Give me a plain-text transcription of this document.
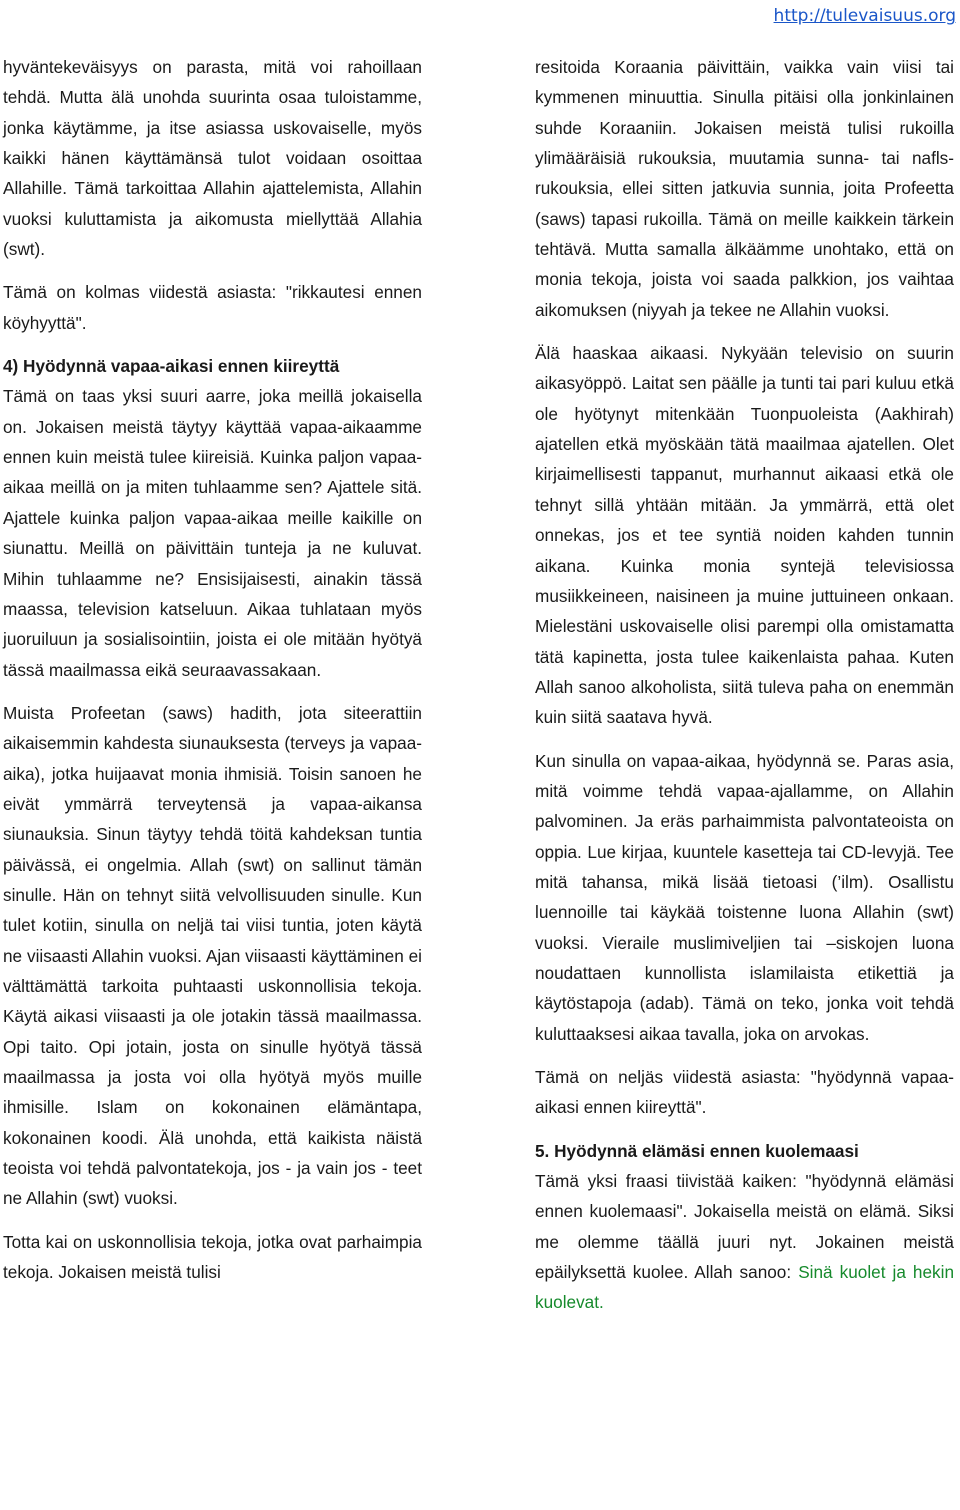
http://tulevaisuus.org

hyväntekeväisyys on parasta, mitä voi rahoillaan tehdä. Mutta älä unohda suurinta osaa tuloistamme, jonka käytämme, ja itse asiassa uskovaiselle, myös kaikki hänen käyttämänsä tulot voidaan osoittaa Allahille. Tämä tarkoittaa Allahin ajattelemista, Allahin vuoksi kuluttamista ja aikomusta miellyttää Allahia (swt).

Tämä on kolmas viidestä asiasta: "rikkautesi ennen köyhyyttä".

4) Hyödynnä vapaa-aikasi ennen kiireyttä
Tämä on taas yksi suuri aarre, joka meillä jokaisella on. Jokaisen meistä täytyy käyttää vapaa-aikaamme ennen kuin meistä tulee kiireisiä. Kuinka paljon vapaa-aikaa meillä on ja miten tuhlaamme sen? Ajattele sitä. Ajattele kuinka paljon vapaa-aikaa meille kaikille on siunattu. Meillä on päivittäin tunteja ja ne kuluvat. Mihin tuhlaamme ne? Ensisijaisesti, ainakin tässä maassa, television katseluun. Aikaa tuhlataan myös juoruiluun ja sosialisointiin, joista ei ole mitään hyötyä tässä maailmassa eikä seuraavassakaan.

Muista Profeetan (saws) hadith, jota siteerattiin aikaisemmin kahdesta siunauksesta (terveys ja vapaa-aika), jotka huijaavat monia ihmisiä. Toisin sanoen he eivät ymmärrä terveytensä ja vapaa-aikansa siunauksia. Sinun täytyy tehdä töitä kahdeksan tuntia päivässä, ei ongelmia. Allah (swt) on sallinut tämän sinulle. Hän on tehnyt siitä velvollisuuden sinulle. Kun tulet kotiin, sinulla on neljä tai viisi tuntia, joten käytä ne viisaasti Allahin vuoksi. Ajan viisaasti käyttäminen ei välttämättä tarkoita puhtaasti uskonnollisia tekoja. Käytä aikasi viisaasti ja ole jotakin tässä maailmassa. Opi taito. Opi jotain, josta on sinulle hyötyä tässä maailmassa ja josta voi olla hyötyä myös muille ihmisille. Islam on kokonainen elämäntapa, kokonainen koodi. Älä unohda, että kaikista näistä teoista voi tehdä palvontatekoja, jos - ja vain jos - teet ne Allahin (swt) vuoksi.

Totta kai on uskonnollisia tekoja, jotka ovat parhaimpia tekoja. Jokaisen meistä tulisi

resitoida Koraania päivittäin, vaikka vain viisi tai kymmenen minuuttia. Sinulla pitäisi olla jonkinlainen suhde Koraaniin. Jokaisen meistä tulisi rukoilla ylimääräisiä rukouksia, muutamia sunna- tai nafls-rukouksia, ellei sitten jatkuvia sunnia, joita Profeetta (saws) tapasi rukoilla. Tämä on meille kaikkein tärkein tehtävä. Mutta samalla älkäämme unohtako, että on monia tekoja, joista voi saada palkkion, jos vaihtaa aikomuksen (niyyah ja tekee ne Allahin vuoksi.

Älä haaskaa aikaasi. Nykyään televisio on suurin aikasyöppö. Laitat sen päälle ja tunti tai pari kuluu etkä ole hyötynyt mitenkään Tuonpuoleista (Aakhirah) ajatellen etkä myöskään tätä maailmaa ajatellen. Olet kirjaimellisesti tappanut, murhannut aikaasi etkä ole tehnyt sillä yhtään mitään. Ja ymmärrä, että olet onnekas, jos et tee syntiä noiden kahden tunnin aikana. Kuinka monia syntejä televisiossa musiikkeineen, naisineen ja muine juttuineen onkaan. Mielestäni uskovaiselle olisi parempi olla omistamatta tätä kapinetta, josta tulee kaikenlaista pahaa. Kuten Allah sanoo alkoholista, siitä tuleva paha on enemmän kuin siitä saatava hyvä.

Kun sinulla on vapaa-aikaa, hyödynnä se. Paras asia, mitä voimme tehdä vapaa-ajallamme, on Allahin palvominen. Ja eräs parhaimmista palvontateoista on oppia. Lue kirjaa, kuuntele kasetteja tai CD-levyjä. Tee mitä tahansa, mikä lisää tietoasi (’ilm). Osallistu luennoille tai käykää toistenne luona Allahin (swt) vuoksi. Vieraile muslimiveljien tai –siskojen luona noudattaen kunnollista islamilaista etikettiä ja käytöstapoja (adab). Tämä on teko, jonka voit tehdä kuluttaaksesi aikaa tavalla, joka on arvokas.

Tämä on neljäs viidestä asiasta: "hyödynnä vapaa-aikasi ennen kiireyttä".

5. Hyödynnä elämäsi ennen kuolemaasi
Tämä yksi fraasi tiivistää kaiken: "hyödynnä elämäsi ennen kuolemaasi". Jokaisella meistä on elämä. Siksi me olemme täällä juuri nyt. Jokainen meistä epäilyksettä kuolee. Allah sanoo: Sinä kuolet ja hekin kuolevat.
